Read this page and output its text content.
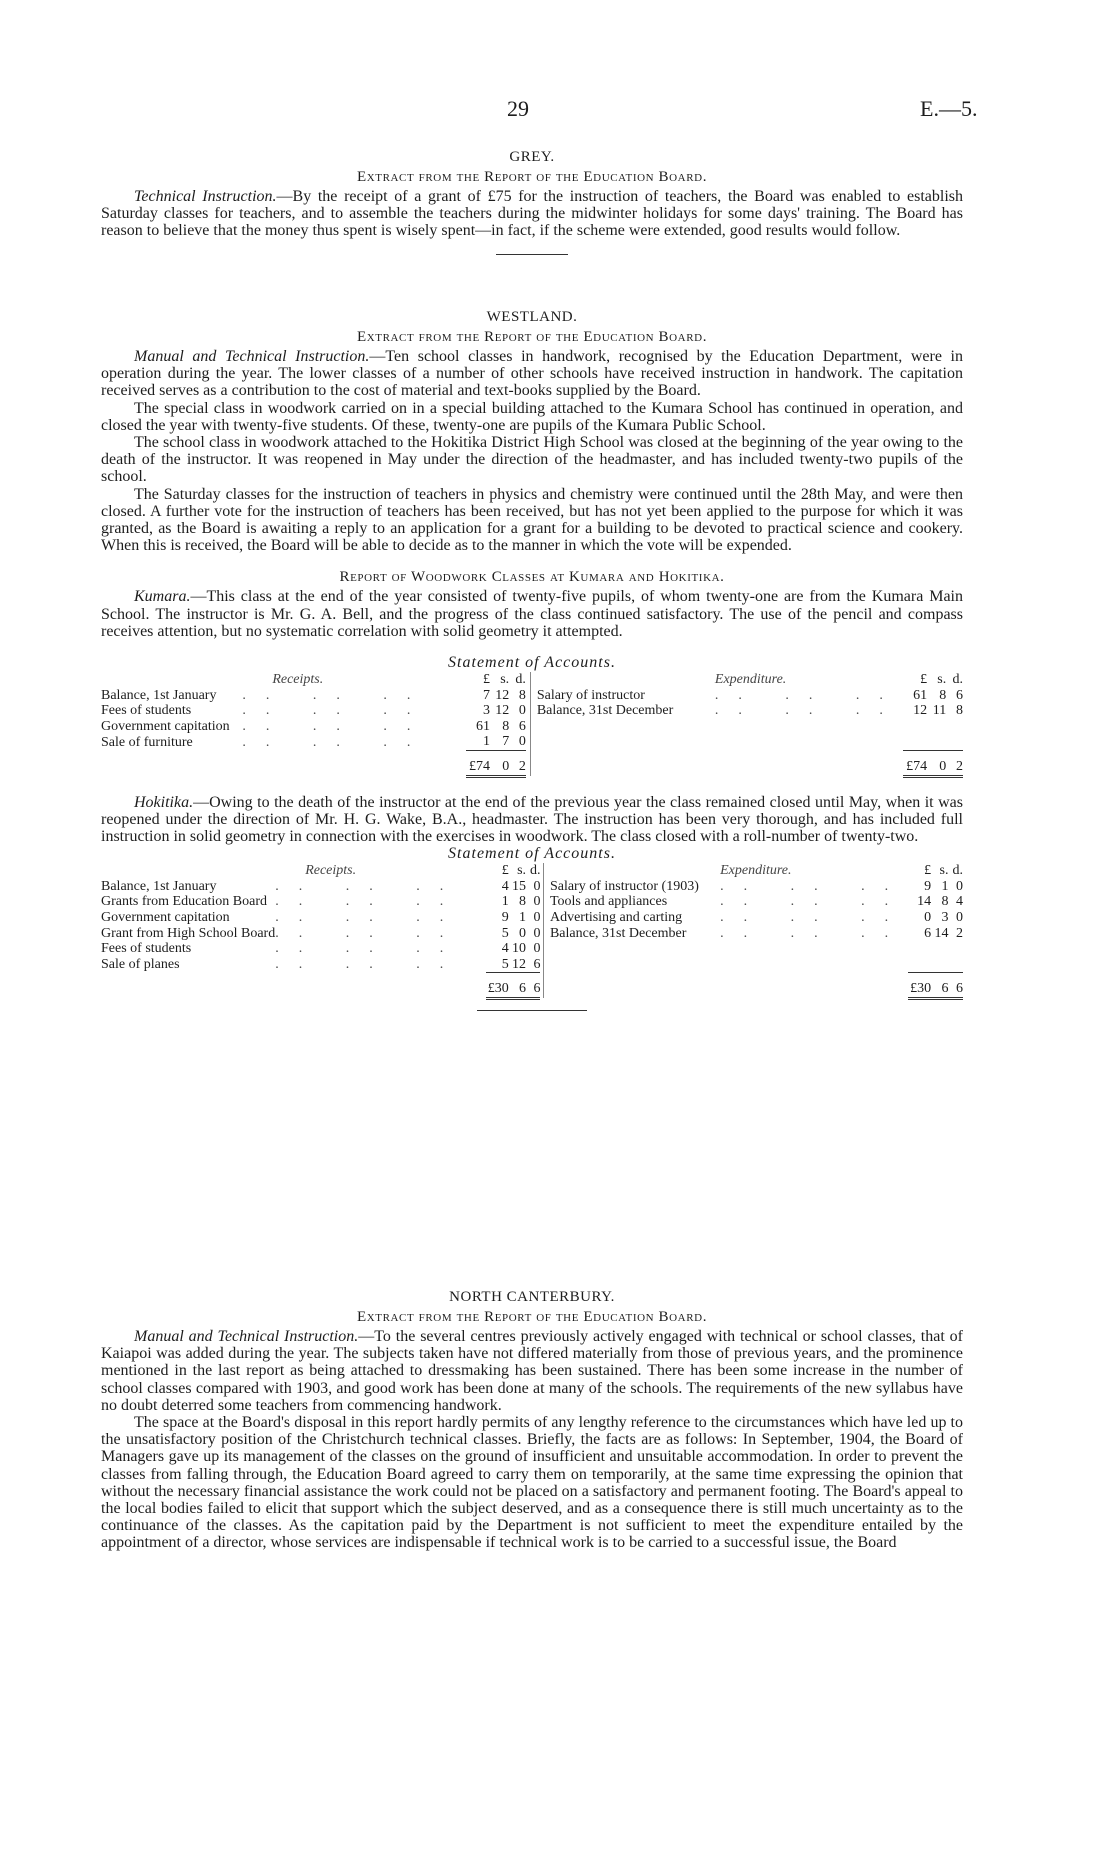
29	E.—5.
GREY.
Extract from the Report of the Education Board.

Technical Instruction.—By the receipt of a grant of £75 for the instruction of teachers, the Board was enabled to establish Saturday classes for teachers, and to assemble the teachers during the midwinter holidays for some days' training. The Board has reason to believe that the money thus spent is wisely spent—in fact, if the scheme were extended, good results would follow.

WESTLAND.
Extract from the Report of the Education Board.

Manual and Technical Instruction.—Ten school classes in handwork, recognised by the Education Department, were in operation during the year. The lower classes of a number of other schools have received instruction in handwork. The capitation received serves as a contribution to the cost of material and text-books supplied by the Board.

The special class in woodwork carried on in a special building attached to the Kumara School has continued in operation, and closed the year with twenty-five students. Of these, twenty-one are pupils of the Kumara Public School.

The school class in woodwork attached to the Hokitika District High School was closed at the beginning of the year owing to the death of the instructor. It was reopened in May under the direction of the headmaster, and has included twenty-two pupils of the school.

The Saturday classes for the instruction of teachers in physics and chemistry were continued until the 28th May, and were then closed. A further vote for the instruction of teachers has been received, but has not yet been applied to the purpose for which it was granted, as the Board is awaiting a reply to an application for a grant for a building to be devoted to practical science and cookery. When this is received, the Board will be able to decide as to the manner in which the vote will be expended.

Report of Woodwork Classes at Kumara and Hokitika.

Kumara.—This class at the end of the year consisted of twenty-five pupils, of whom twenty-one are from the Kumara Main School. The instructor is Mr. G. A. Bell, and the progress of the class continued satisfactory. The use of the pencil and compass receives attention, but no systematic correlation with solid geometry it attempted.

Statement of Accounts.
	Receipts.	£	s.	d.			Expenditure.	£	s.	d.
Balance, 1st January	.. .. ..	7	12	8		Salary of instructor	.. .. ..	61	8	6
Fees of students	.. .. ..	3	12	0		Balance, 31st December	.. .. ..	12	11	8
Government capitation	.. .. ..	61	8	6						
Sale of furniture	.. .. ..	1	7	0						
		£74	0	2				£74	0	2

Hokitika.—Owing to the death of the instructor at the end of the previous year the class remained closed until May, when it was reopened under the direction of Mr. H. G. Wake, B.A., headmaster. The instruction has been very thorough, and has included full instruction in solid geometry in connection with the exercises in woodwork. The class closed with a roll-number of twenty-two.

Statement of Accounts.
	Receipts.	£	s.	d.			Expenditure.	£	s.	d.
Balance, 1st January	.. .. ..	4	15	0		Salary of instructor (1903)	.. .. ..	9	1	0
Grants from Education Board	.. .. ..	1	8	0		Tools and appliances	.. .. ..	14	8	4
Government capitation	.. .. ..	9	1	0		Advertising and carting	.. .. ..	0	3	0
Grant from High School Board	.. .. ..	5	0	0		Balance, 31st December	.. .. ..	6	14	2
Fees of students	.. .. ..	4	10	0						
Sale of planes	.. .. ..	5	12	6						
		£30	6	6				£30	6	6
NORTH CANTERBURY.
Extract from the Report of the Education Board.

Manual and Technical Instruction.—To the several centres previously actively engaged with technical or school classes, that of Kaiapoi was added during the year. The subjects taken have not differed materially from those of previous years, and the prominence mentioned in the last report as being attached to dressmaking has been sustained. There has been some increase in the number of school classes compared with 1903, and good work has been done at many of the schools. The requirements of the new syllabus have no doubt deterred some teachers from commencing handwork.

The space at the Board's disposal in this report hardly permits of any lengthy reference to the circumstances which have led up to the unsatisfactory position of the Christchurch technical classes. Briefly, the facts are as follows: In September, 1904, the Board of Managers gave up its management of the classes on the ground of insufficient and unsuitable accommodation. In order to prevent the classes from falling through, the Education Board agreed to carry them on temporarily, at the same time expressing the opinion that without the necessary financial assistance the work could not be placed on a satisfactory and permanent footing. The Board's appeal to the local bodies failed to elicit that support which the subject deserved, and as a consequence there is still much uncertainty as to the continuance of the classes. As the capitation paid by the Department is not sufficient to meet the expenditure entailed by the appointment of a director, whose services are indispensable if technical work is to be carried to a successful issue, the Board
